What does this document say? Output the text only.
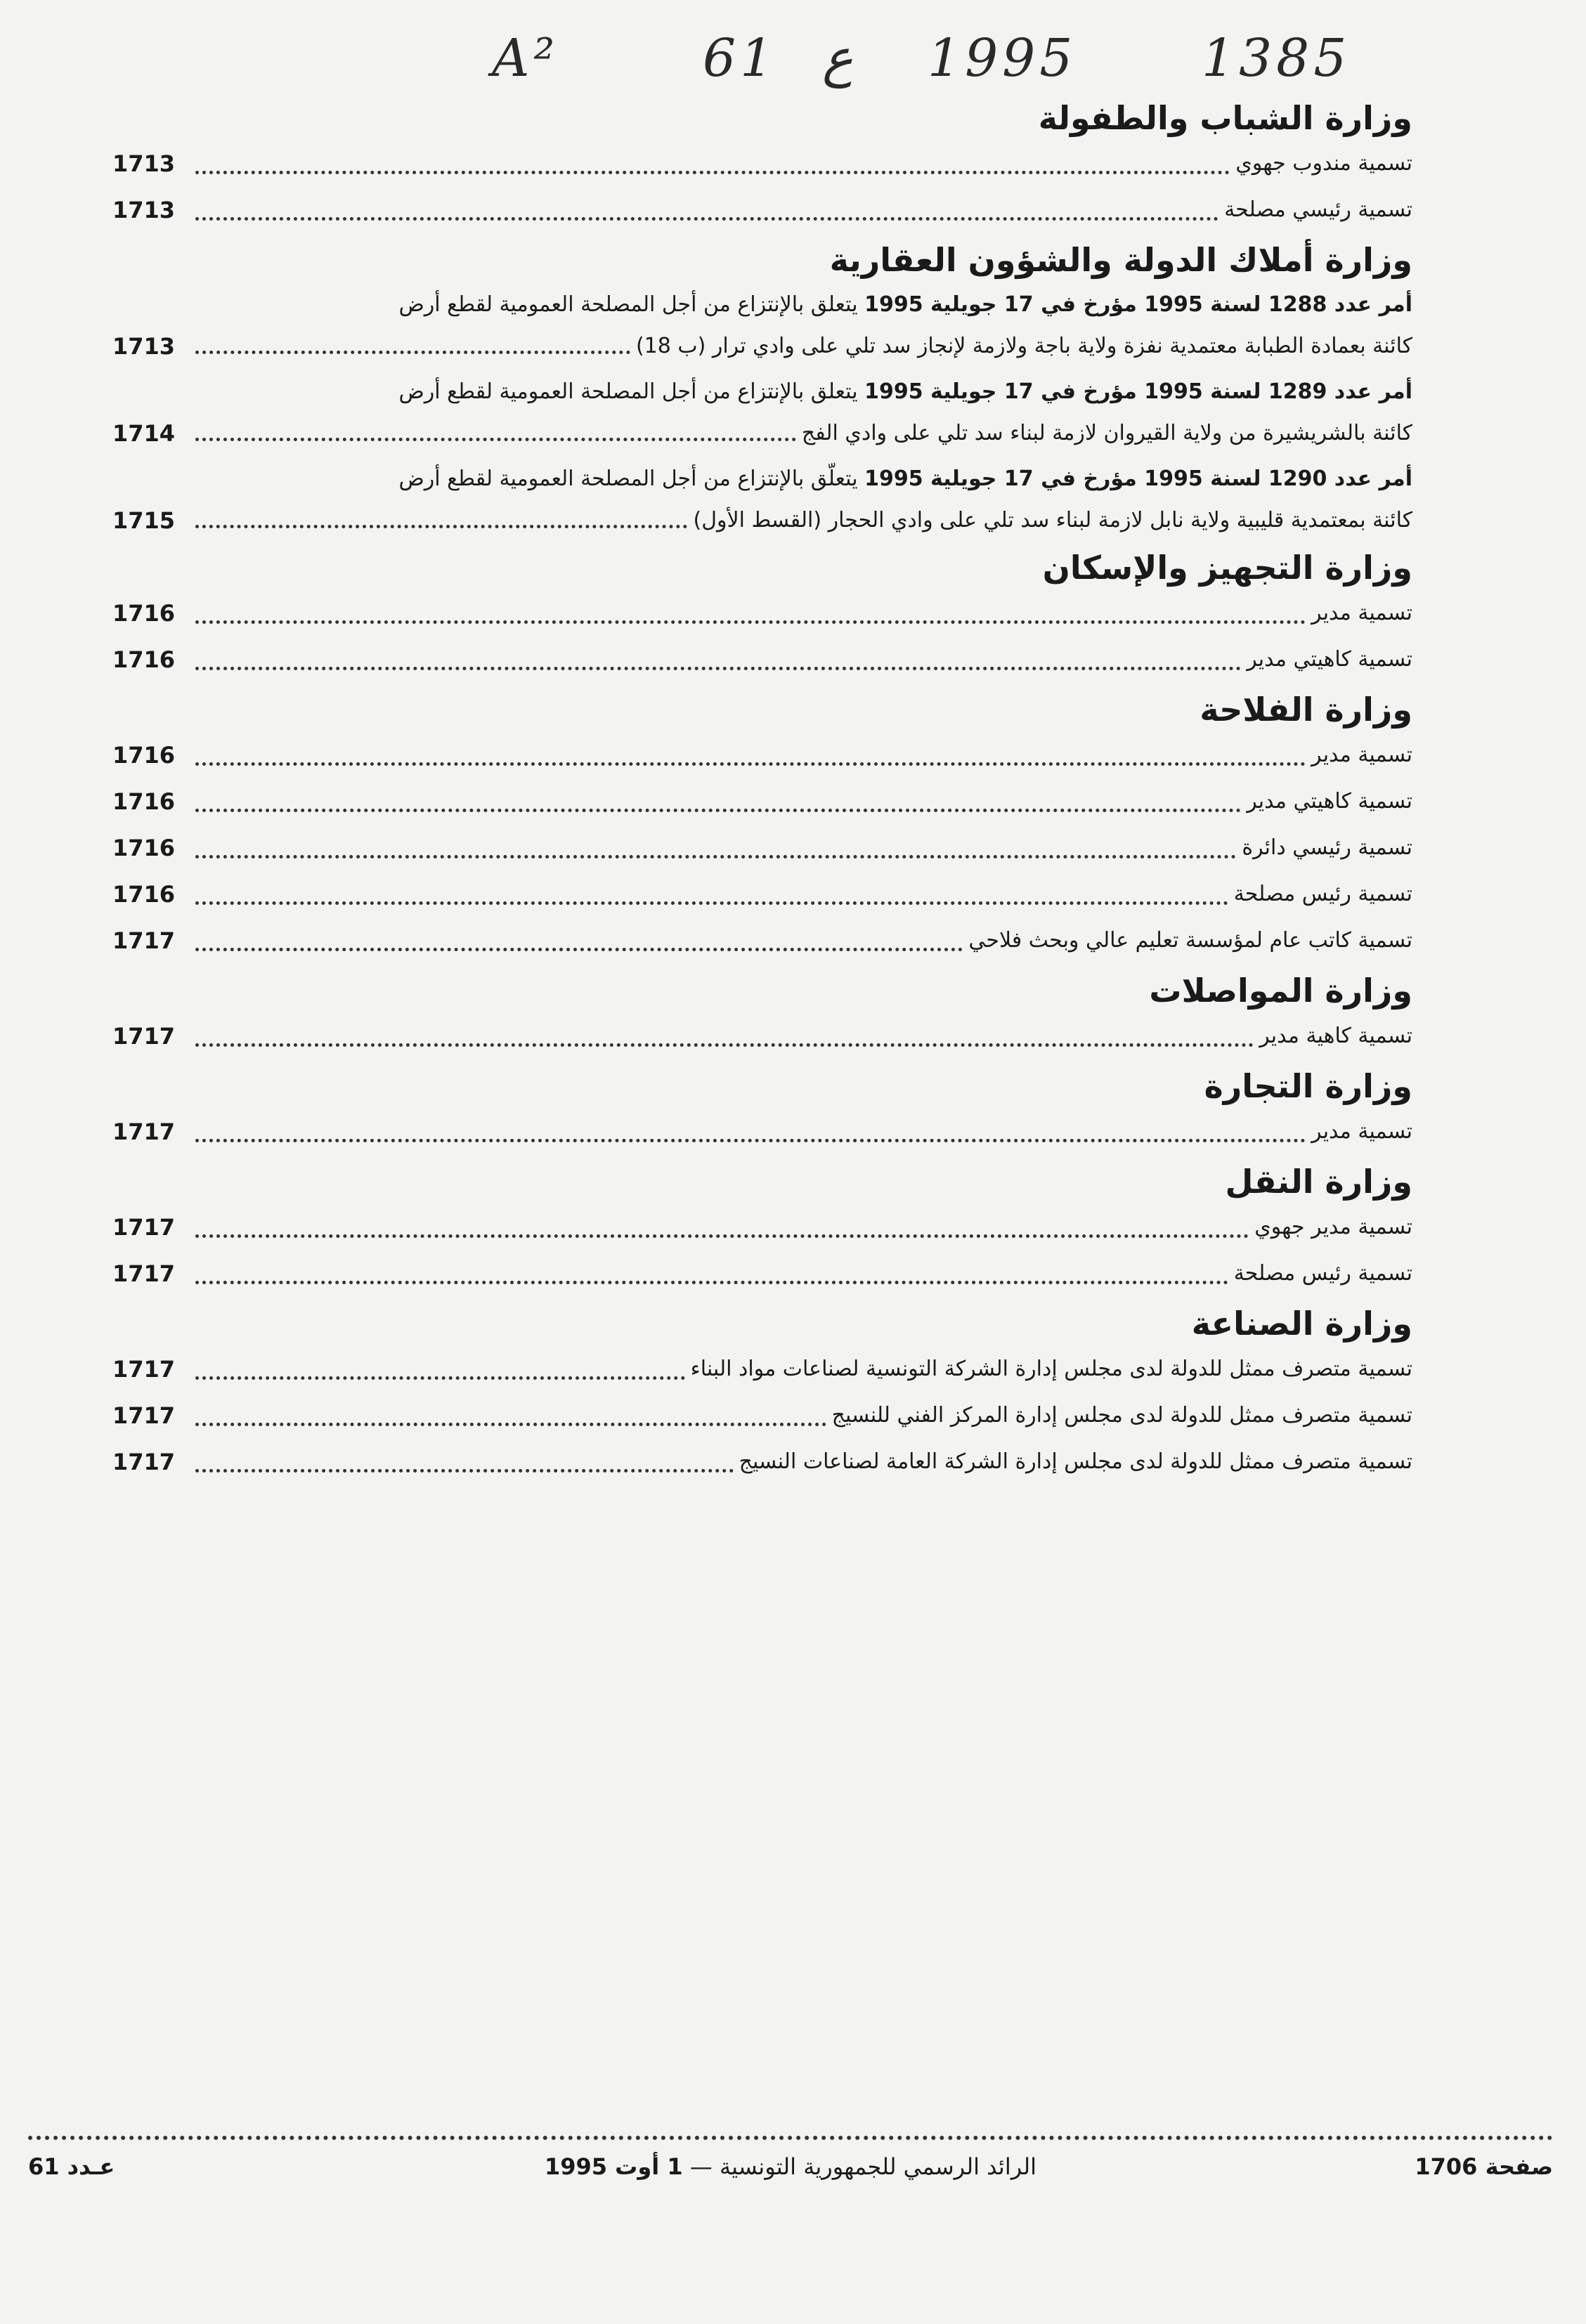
A²	61 ع 1995 1385
وزارة الشباب والطفولة
تسمية مندوب جهوي
1713
تسمية رئيسي مصلحة
1713
وزارة أملاك الدولة والشؤون العقارية
أمر عدد 1288 لسنة 1995 مؤرخ في 17 جويلية 1995 يتعلق بالإنتزاع من أجل المصلحة العمومية لقطع أرض
كائنة بعمادة الطبابة معتمدية نفزة ولاية باجة ولازمة لإنجاز سد تلي على وادي ترار (ب 18)
1713
أمر عدد 1289 لسنة 1995 مؤرخ في 17 جويلية 1995 يتعلق بالإنتزاع من أجل المصلحة العمومية لقطع أرض
كائنة بالشريشيرة من ولاية القيروان لازمة لبناء سد تلي على وادي الفج
1714
أمر عدد 1290 لسنة 1995 مؤرخ في 17 جويلية 1995 يتعلّق بالإنتزاع من أجل المصلحة العمومية لقطع أرض
كائنة بمعتمدية قليبية ولاية نابل لازمة لبناء سد تلي على وادي الحجار (القسط الأول)
1715
وزارة التجهيز والإسكان
تسمية مدير
1716
تسمية كاهيتي مدير
1716
وزارة الفلاحة
تسمية مدير
1716
تسمية كاهيتي مدير
1716
تسمية رئيسي دائرة
1716
تسمية رئيس مصلحة
1716
تسمية كاتب عام لمؤسسة تعليم عالي وبحث فلاحي
1717
وزارة المواصلات
تسمية كاهية مدير
1717
وزارة التجارة
تسمية مدير
1717
وزارة النقل
تسمية مدير جهوي
1717
تسمية رئيس مصلحة
1717
وزارة الصناعة
تسمية متصرف ممثل للدولة لدى مجلس إدارة الشركة التونسية لصناعات مواد البناء
1717
تسمية متصرف ممثل للدولة لدى مجلس إدارة المركز الفني للنسيج
1717
تسمية متصرف ممثل للدولة لدى مجلس إدارة الشركة العامة لصناعات النسيج
1717
صفحة 1706
الرائد الرسمي للجمهورية التونسية — 1 أوت 1995
عـدد 61
